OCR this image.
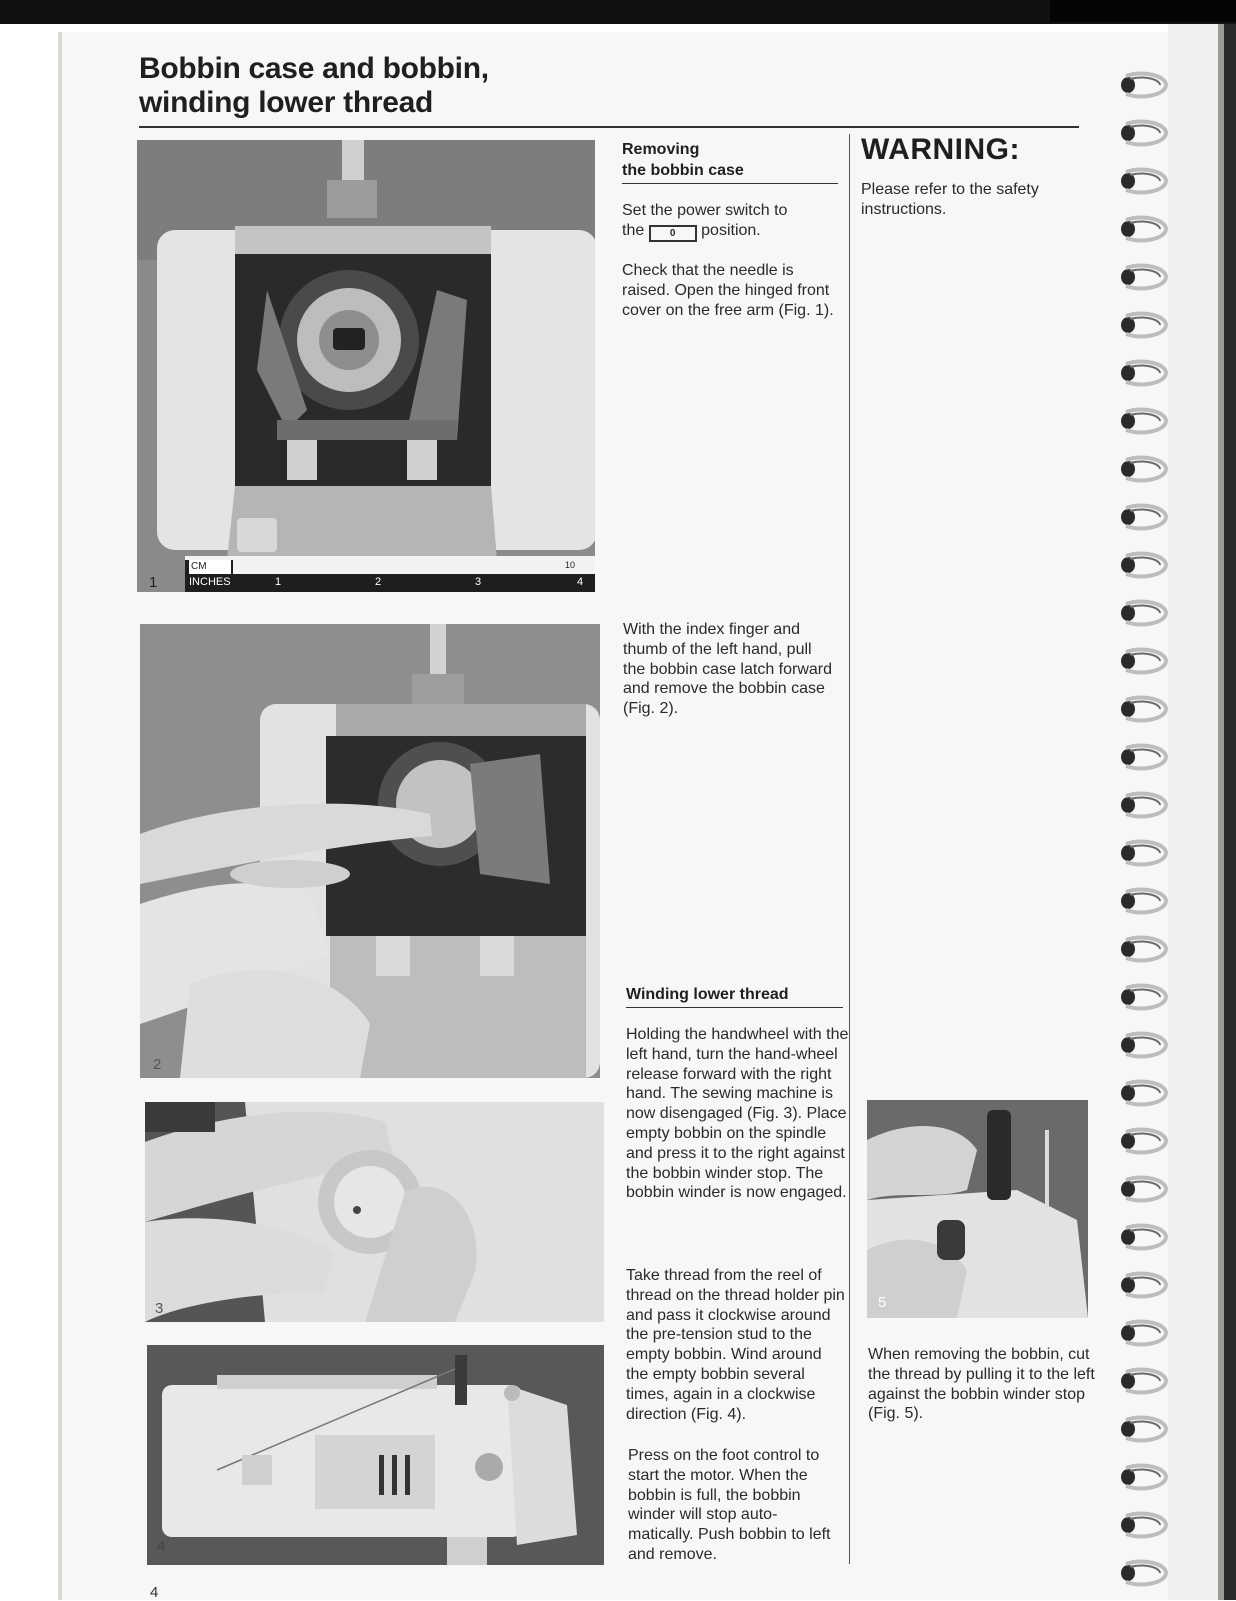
Bobbin case and bobbin,
winding lower thread
CM
INCHES
10
1	2	3	4
1
2
3
4
5
Removing
the bobbin case
Set the power switch to
the	0 position.

Check that the needle is raised. Open the hinged front cover on the free arm (Fig. 1).

With the index finger and thumb of the left hand, pull the bobbin case latch forward and remove the bobbin case (Fig. 2).

Winding lower thread

Holding the handwheel with the left hand, turn the hand-wheel release forward with the right hand. The sewing machine is now disengaged (Fig. 3). Place empty bobbin on the spindle and press it to the right against the bobbin winder stop. The bobbin winder is now engaged.

Take thread from the reel of thread on the thread holder pin and pass it clockwise around the pre-tension stud to the empty bobbin. Wind around the empty bobbin several times, again in a clockwise direction (Fig. 4).

Press on the foot control to start the motor. When the bobbin is full, the bobbin winder will stop auto-matically. Push bobbin to left and remove.

WARNING:

Please refer to the safety instructions.

When removing the bobbin, cut the thread by pulling it to the left against the bobbin winder stop (Fig. 5).

4
